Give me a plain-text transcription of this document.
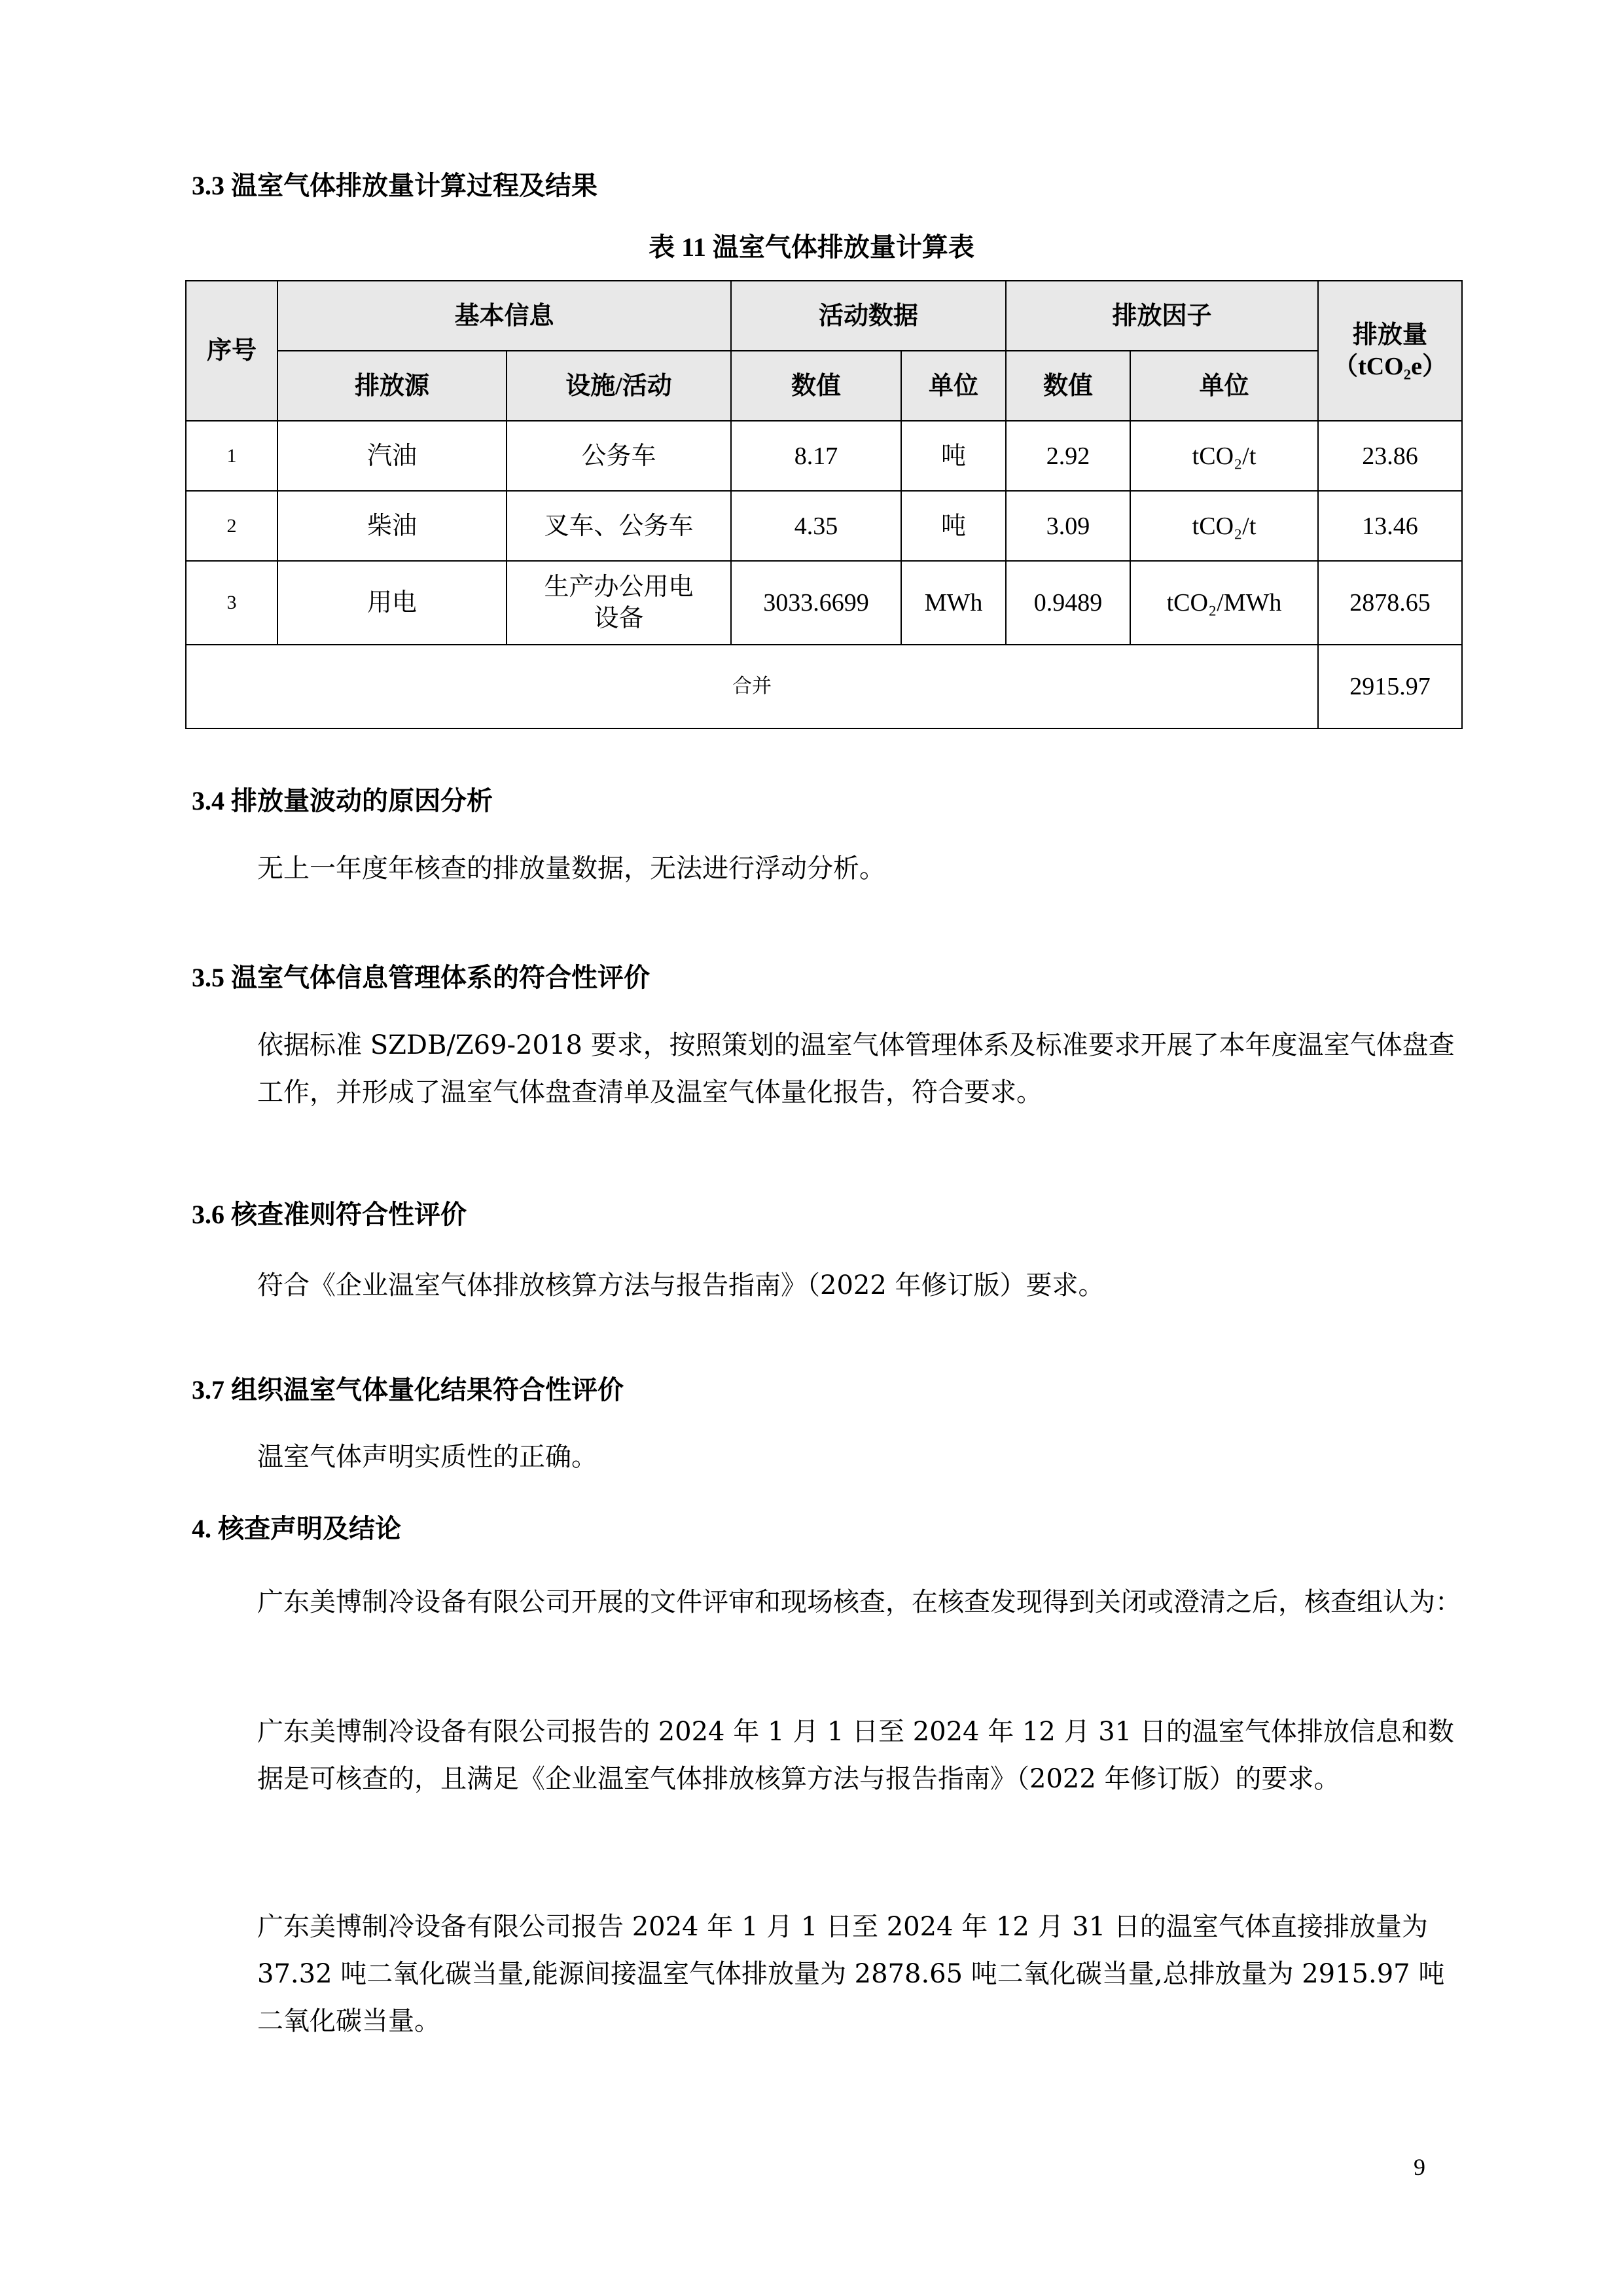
3.3 温室气体排放量计算过程及结果
表 11 温室气体排放量计算表
序号	基本信息		活动数据		排放因子		排放量
（tCO₂e）

	排放源	设施/活动	数值	单位	数值	单位	
1	汽油	公务车	8.17	吨	2.92	tCO₂/t	23.86
2	柴油	叉车、公务车	4.35	吨	3.09	tCO₂/t	13.46
3	用电	生产办公用电
设备	3033.6699	MWh	0.9489	tCO₂/MWh	2878.65
合并							2915.97
3.4 排放量波动的原因分析
无上一年度年核查的排放量数据，无法进行浮动分析。
3.5 温室气体信息管理体系的符合性评价
依据标准 SZDB/Z69-2018 要求，按照策划的温室气体管理体系及标准要求开展了本年度温室气体盘查工作，并形成了温室气体盘查清单及温室气体量化报告，符合要求。
3.6 核查准则符合性评价
符合《企业温室气体排放核算方法与报告指南》（2022 年修订版）要求。
3.7 组织温室气体量化结果符合性评价
温室气体声明实质性的正确。
4. 核查声明及结论
广东美博制冷设备有限公司开展的文件评审和现场核查，在核查发现得到关闭或澄清之后，核查组认为：
广东美博制冷设备有限公司报告的 2024 年 1 月 1 日至 2024 年 12 月 31 日的温室气体排放信息和数据是可核查的，且满足《企业温室气体排放核算方法与报告指南》（2022 年修订版）的要求。
广东美博制冷设备有限公司报告 2024 年 1 月 1 日至 2024 年 12 月 31 日的温室气体直接排放量为 37.32 吨二氧化碳当量,能源间接温室气体排放量为 2878.65 吨二氧化碳当量,总排放量为 2915.97 吨二氧化碳当量。
9
